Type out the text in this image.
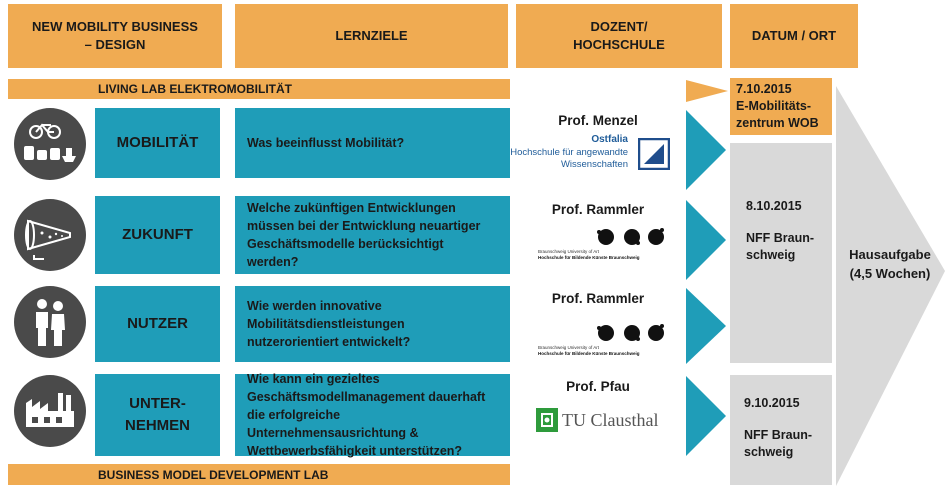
NEW MOBILITY BUSINESS – DESIGN
LERNZIELE
DOZENT/
HOCHSCHULE
DATUM / ORT
LIVING LAB ELEKTROMOBILITÄT
BUSINESS MODEL DEVELOPMENT LAB
Hausaufgabe
(4,5 Wochen)
7.10.2015
E-Mobilitäts-
zentrum WOB
8.10.2015
NFF Braun-
schweig
9.10.2015
NFF Braun-
schweig
MOBILITÄT	Was beeinflusst Mobilität?
ZUKUNFT
Welche zukünftigen Entwicklungen müssen bei der Entwicklung neuartiger Geschäftsmodelle berücksichtigt werden?
NUTZER
Wie werden innovative Mobilitätsdienstleistungen nutzerorientiert entwickelt?
UNTER-
NEHMEN
Wie kann ein gezieltes Geschäftsmodellmanagement dauerhaft die erfolgreiche Unternehmensausrichtung & Wettbewerbsfähigkeit unterstützen?
Prof. Menzel
Ostfalia
Hochschule für angewandte
Wissenschaften
Prof. Rammler
Braunschweig University of Art
Hochschule für Bildende Künste Braunschweig
Prof. Rammler
Braunschweig University of Art
Hochschule für Bildende Künste Braunschweig
Prof. Pfau
TU Clausthal
